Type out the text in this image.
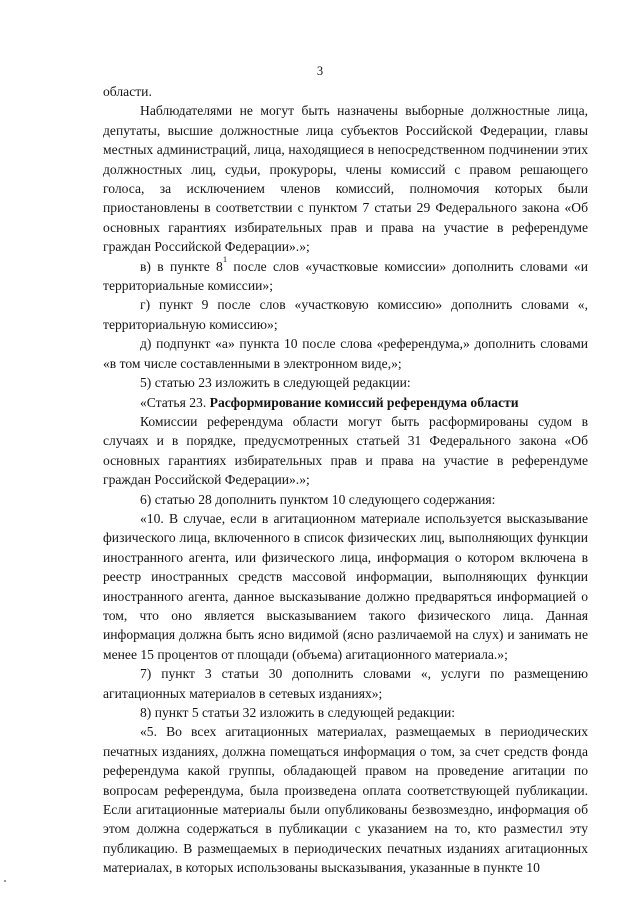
3

области.

Наблюдателями не могут быть назначены выборные должностные лица, депутаты, высшие должностные лица субъектов Российской Федерации, главы местных администраций, лица, находящиеся в непосредственном подчинении этих должностных лиц, судьи, прокуроры, члены комиссий с правом решающего голоса, за исключением членов комиссий, полномочия которых были приостановлены в соответствии с пунктом 7 статьи 29 Федерального закона «Об основных гарантиях избирательных прав и права на участие в референдуме граждан Российской Федерации».»;

в) в пункте $8^1$ после слов «участковые комиссии» дополнить словами «и территориальные комиссии»;

г) пункт 9 после слов «участковую комиссию» дополнить словами «, территориальную комиссию»;

д) подпункт «а» пункта 10 после слова «референдума,» дополнить словами «в том числе составленными в электронном виде,»;

5) статью 23 изложить в следующей редакции:

«Статья 23. Расформирование комиссий референдума области

Комиссии референдума области могут быть расформированы судом в случаях и в порядке, предусмотренных статьей 31 Федерального закона «Об основных гарантиях избирательных прав и права на участие в референдуме граждан Российской Федерации».»;

6) статью 28 дополнить пунктом 10 следующего содержания:

«10. В случае, если в агитационном материале используется высказывание физического лица, включенного в список физических лиц, выполняющих функции иностранного агента, или физического лица, информация о котором включена в реестр иностранных средств массовой информации, выполняющих функции иностранного агента, данное высказывание должно предваряться информацией о том, что оно является высказыванием такого физического лица. Данная информация должна быть ясно видимой (ясно различаемой на слух) и занимать не менее 15 процентов от площади (объема) агитационного материала.»;

7) пункт 3 статьи 30 дополнить словами «, услуги по размещению агитационных материалов в сетевых изданиях»;

8) пункт 5 статьи 32 изложить в следующей редакции:

«5. Во всех агитационных материалах, размещаемых в периодических печатных изданиях, должна помещаться информация о том, за счет средств фонда референдума какой группы, обладающей правом на проведение агитации по вопросам референдума, была произведена оплата соответствующей публикации. Если агитационные материалы были опубликованы безвозмездно, информация об этом должна содержаться в публикации с указанием на то, кто разместил эту публикацию. В размещаемых в периодических печатных изданиях агитационных материалах, в которых использованы высказывания, указанные в пункте 10
